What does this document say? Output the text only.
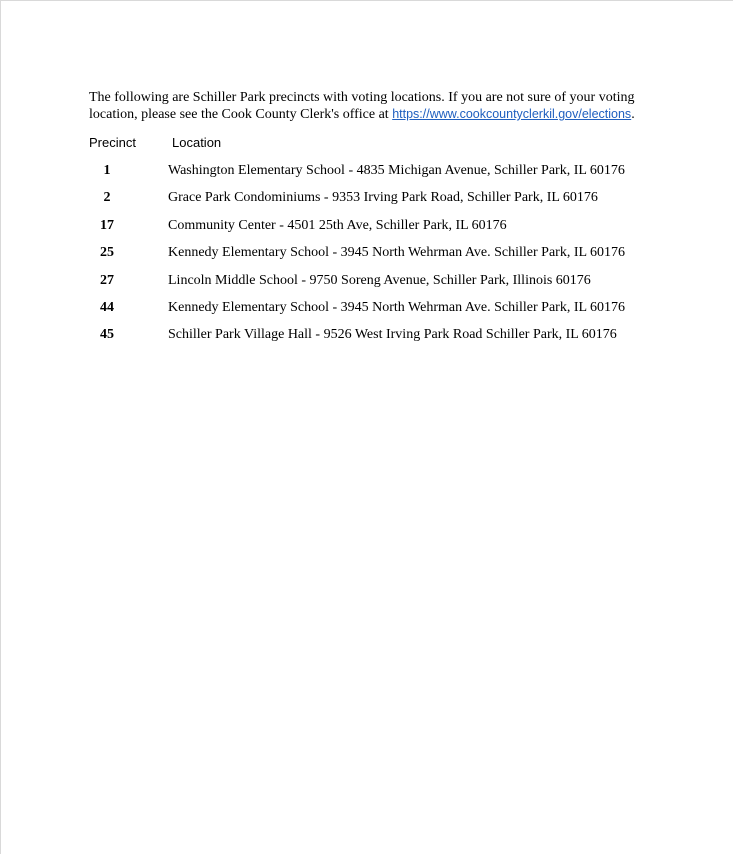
The following are Schiller Park precincts with voting locations. If you are not sure of your voting location, please see the Cook County Clerk's office at https://www.cookcountyclerkil.gov/elections.

Precinct	Location
1	Washington Elementary School - 4835 Michigan Avenue, Schiller Park, IL 60176
2	Grace Park Condominiums - 9353 Irving Park Road, Schiller Park, IL 60176
17	Community Center - 4501 25th Ave, Schiller Park, IL 60176
25	Kennedy Elementary School - 3945 North Wehrman Ave. Schiller Park, IL 60176
27	Lincoln Middle School - 9750 Soreng Avenue, Schiller Park, Illinois 60176
44	Kennedy Elementary School - 3945 North Wehrman Ave. Schiller Park, IL 60176
45	Schiller Park Village Hall - 9526 West Irving Park Road Schiller Park, IL 60176
